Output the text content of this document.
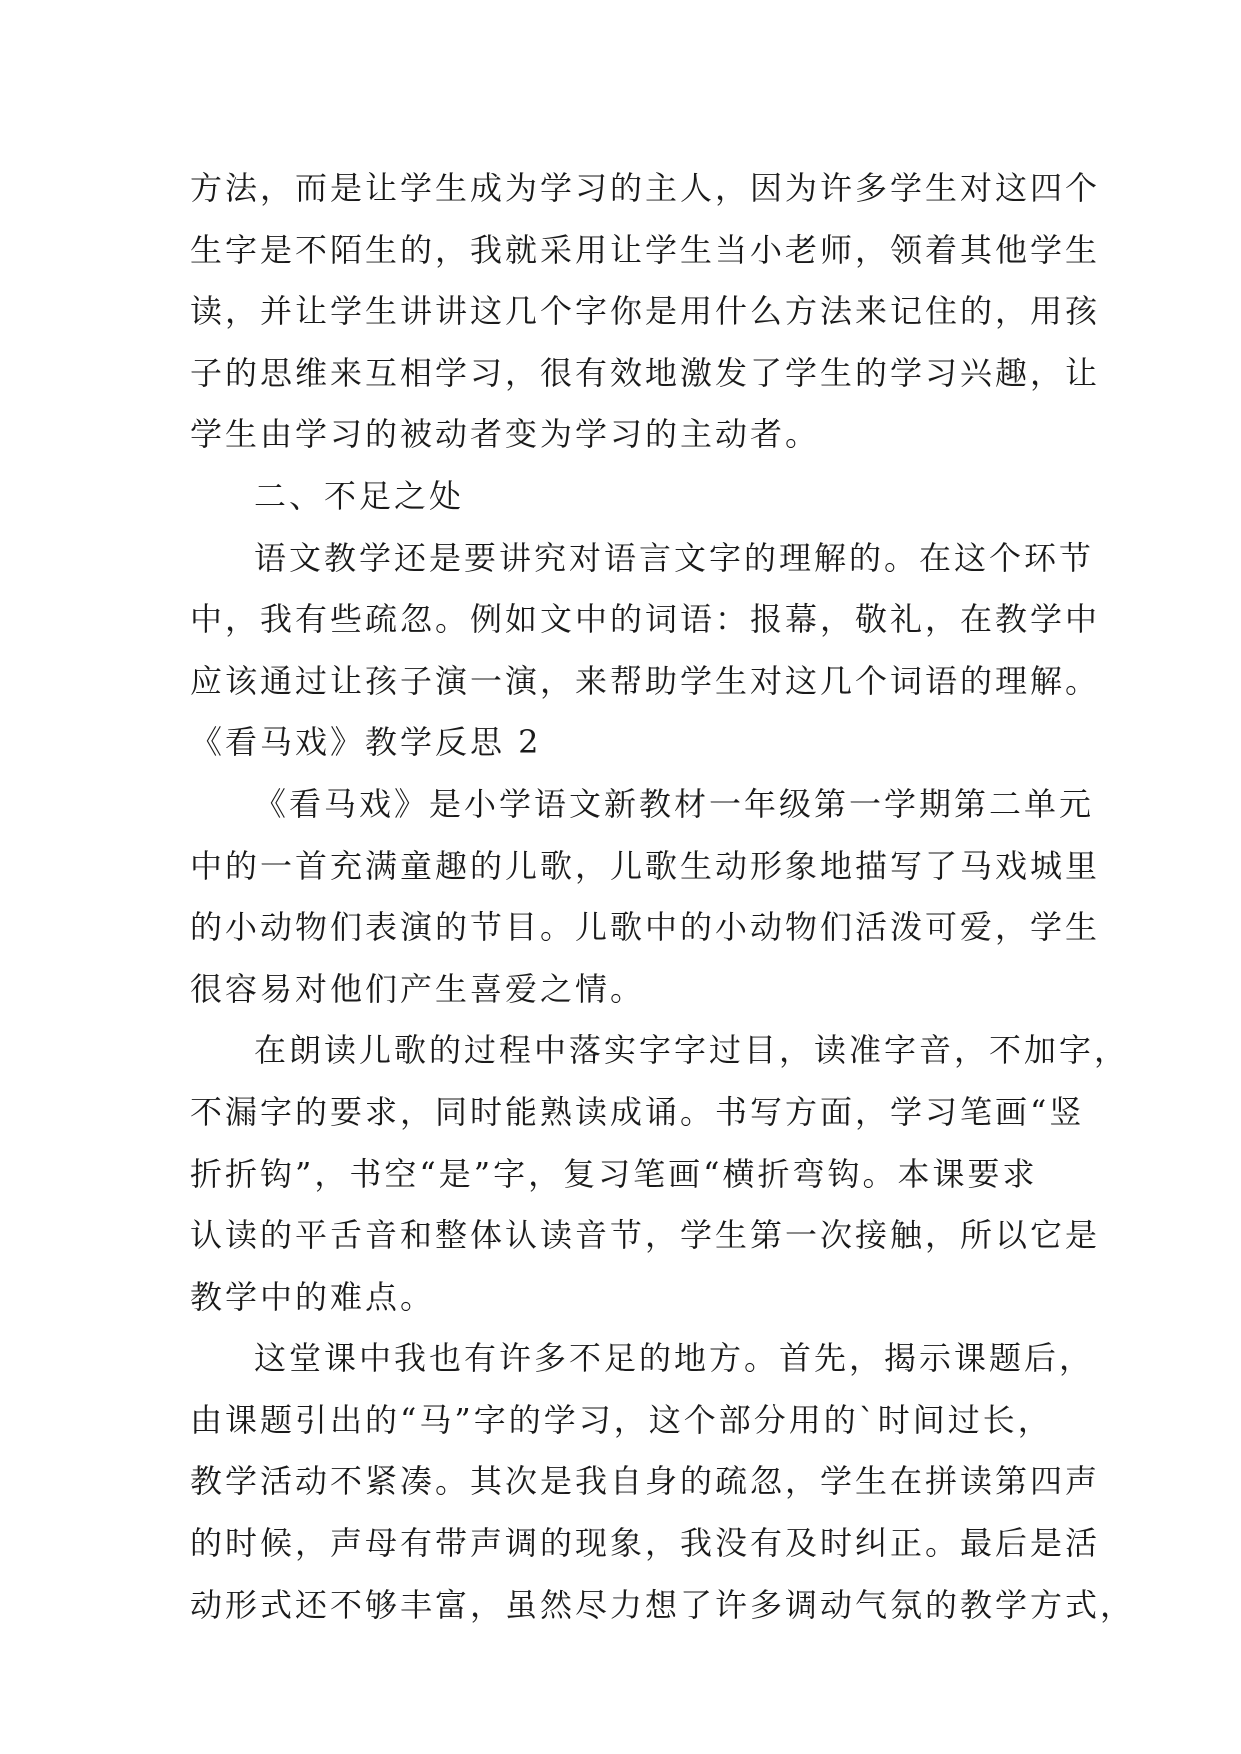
方法，而是让学生成为学习的主人，因为许多学生对这四个
生字是不陌生的，我就采用让学生当小老师，领着其他学生
读，并让学生讲讲这几个字你是用什么方法来记住的，用孩
子的思维来互相学习，很有效地激发了学生的学习兴趣，让
学生由学习的被动者变为学习的主动者。
二、不足之处
语文教学还是要讲究对语言文字的理解的。在这个环节
中，我有些疏忽。例如文中的词语：报幕，敬礼，在教学中
应该通过让孩子演一演，来帮助学生对这几个词语的理解。
《看马戏》教学反思 2
《看马戏》是小学语文新教材一年级第一学期第二单元
中的一首充满童趣的儿歌，儿歌生动形象地描写了马戏城里
的小动物们表演的节目。儿歌中的小动物们活泼可爱，学生
很容易对他们产生喜爱之情。
在朗读儿歌的过程中落实字字过目，读准字音，不加字，
不漏字的要求，同时能熟读成诵。书写方面，学习笔画“竖
折折钩”，书空“是”字，复习笔画“横折弯钩。本课要求
认读的平舌音和整体认读音节，学生第一次接触，所以它是
教学中的难点。
这堂课中我也有许多不足的地方。首先，揭示课题后，
由课题引出的“马”字的学习，这个部分用的`时间过长，
教学活动不紧凑。其次是我自身的疏忽，学生在拼读第四声
的时候，声母有带声调的现象，我没有及时纠正。最后是活
动形式还不够丰富，虽然尽力想了许多调动气氛的教学方式，
